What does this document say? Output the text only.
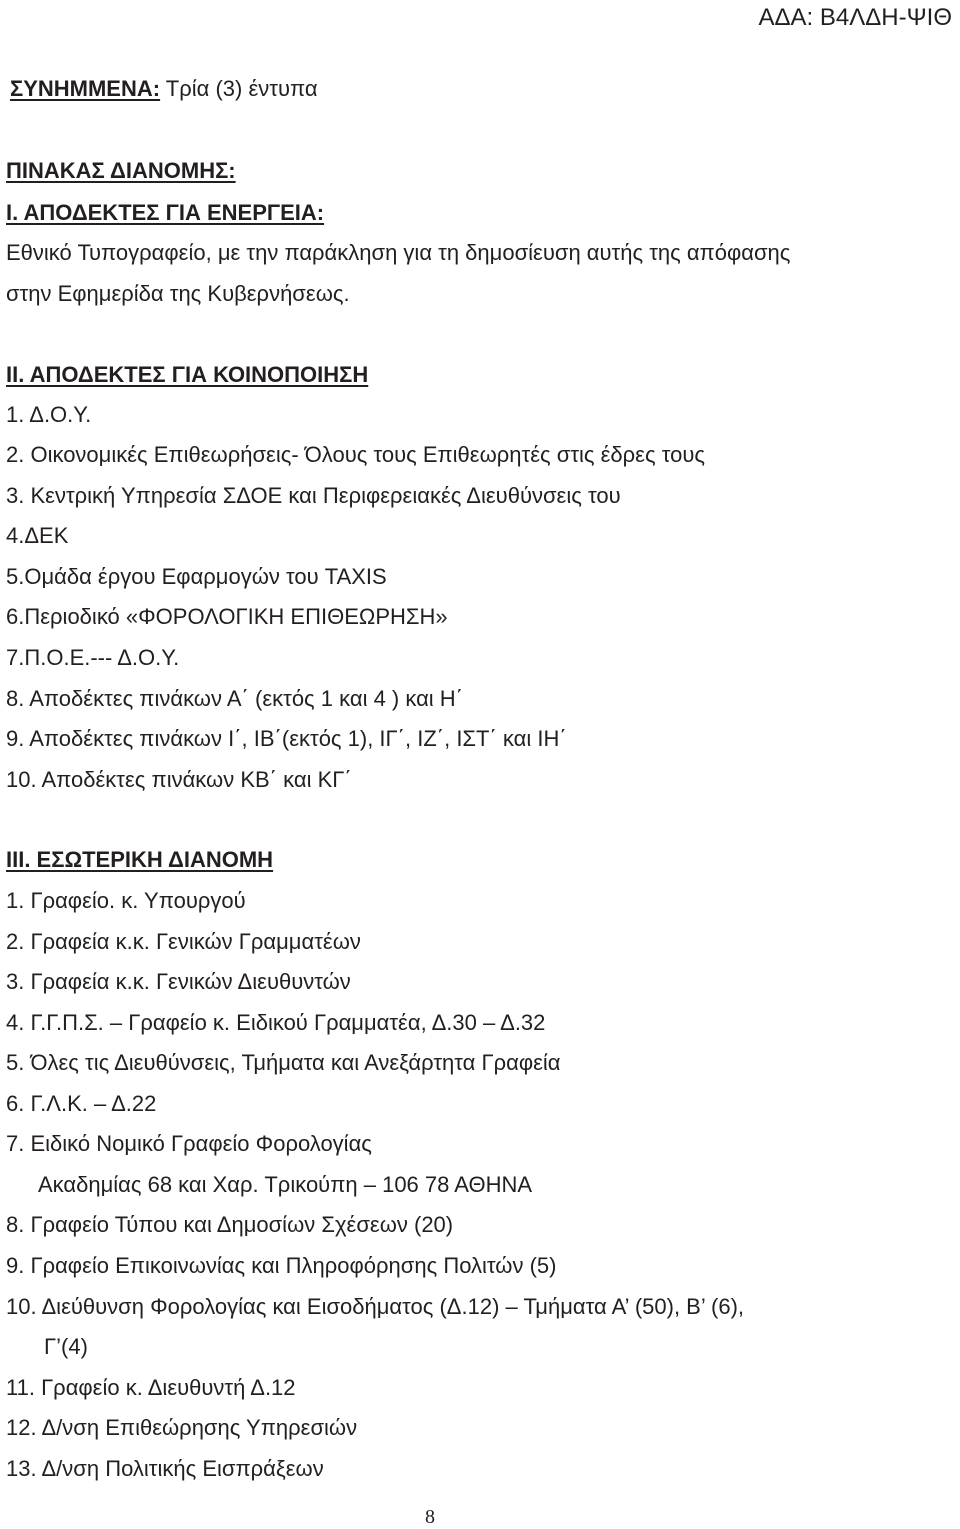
ΑΔΑ: Β4ΛΔΗ-ΨΙΘ
ΣΥΝΗΜΜΕΝΑ: Τρία (3) έντυπα
ΠΙΝΑΚΑΣ ΔΙΑΝΟΜΗΣ:
Ι. ΑΠΟΔΕΚΤΕΣ ΓΙΑ ΕΝΕΡΓΕΙΑ:
Εθνικό Τυπογραφείο, με την παράκληση για τη δημοσίευση αυτής της απόφασης
στην Εφημερίδα της Κυβερνήσεως.
ΙΙ. ΑΠΟΔΕΚΤΕΣ ΓΙΑ ΚΟΙΝΟΠΟΙΗΣΗ
1. Δ.Ο.Υ.
2. Οικονομικές Επιθεωρήσεις- Όλους τους Επιθεωρητές στις έδρες τους
3. Κεντρική Υπηρεσία ΣΔΟΕ και Περιφερειακές Διευθύνσεις του
4.ΔΕΚ
5.Ομάδα έργου Εφαρμογών του TAXIS
6.Περιοδικό «ΦΟΡΟΛΟΓΙΚΗ ΕΠΙΘΕΩΡΗΣΗ»
7.Π.Ο.Ε.--- Δ.Ο.Υ.
8. Αποδέκτες πινάκων Α΄ (εκτός 1 και 4 ) και Η΄
9. Αποδέκτες πινάκων Ι΄, ΙΒ΄(εκτός 1), ΙΓ΄, ΙΖ΄, ΙΣΤ΄ και ΙΗ΄
10. Αποδέκτες πινάκων ΚΒ΄ και ΚΓ΄
ΙΙΙ. ΕΣΩΤΕΡΙΚΗ ΔΙΑΝΟΜΗ
1. Γραφείο. κ. Υπουργού
2. Γραφεία κ.κ. Γενικών Γραμματέων
3. Γραφεία κ.κ. Γενικών Διευθυντών
4. Γ.Γ.Π.Σ. – Γραφείο κ. Ειδικού Γραμματέα, Δ.30 – Δ.32
5. Όλες τις Διευθύνσεις, Τμήματα και Ανεξάρτητα Γραφεία
6. Γ.Λ.Κ. – Δ.22
7. Ειδικό Νομικό Γραφείο Φορολογίας
Ακαδημίας 68 και Χαρ. Τρικούπη – 106 78 ΑΘΗΝΑ
8. Γραφείο Τύπου και Δημοσίων Σχέσεων (20)
9. Γραφείο Επικοινωνίας και Πληροφόρησης Πολιτών (5)
10. Διεύθυνση Φορολογίας και Εισοδήματος (Δ.12) – Τμήματα Α’ (50), Β’ (6),
Γ’(4)
11. Γραφείο κ. Διευθυντή Δ.12
12. Δ/νση Επιθεώρησης Υπηρεσιών
13. Δ/νση Πολιτικής Εισπράξεων
8
